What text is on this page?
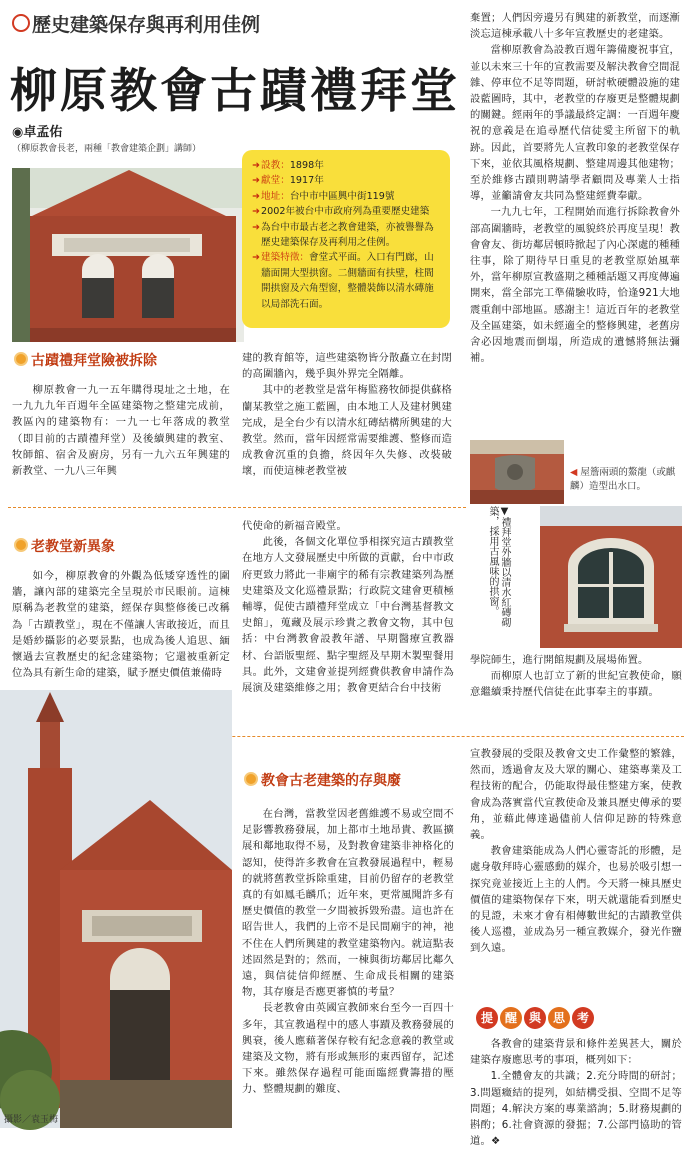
歷史建築保存與再利用佳例
柳原教會古蹟禮拜堂
◉卓孟佑
（柳原教會長老，兩種「教會建築企劃」講師）
➜ 設教：1898年
➜ 獻堂：1917年
➜ 地址：台中市中區興中街119號
➜ 2002年被台中市政府列為重要歷史建築
➜ 為台中市最古老之教會建築，亦被譽譽為歷史建築保存及再利用之佳例。
➜ 建築特徵：會堂式平面。入口有門廊，山牆面開大型拱窗。二側牆面有扶壁，柱間開拱窗及六角型窗，整體裝飾以清水磚施以局部洗石面。

棄置；人們因旁邊另有興建的新教堂，而逐漸淡忘這棟承載八十多年宣教歷史的老建築。

當柳原教會為設教百週年籌備慶祝事宜，並以未來三十年的宣教需要及解決教會空間混雜、停車位不足等問題，研討軟硬體設施的建設藍圖時，其中，老教堂的存廢更是整體規劃的關鍵。經兩年的爭議最終定調：一百週年慶祝的意義是在追尋歷代信徒愛主所留下的軌跡。因此，首要將先人宣教印象的老教堂保存下來，並依其風格規劃、整建周邊其他建物；至於維修古蹟則聘請學者顧問及專業人士指導，並籲請會友共同為整建經費奉獻。

一九九七年，工程開始而進行拆除教會外部高圍牆時，老教堂的風貌終於再度呈現！教會會友、街坊鄰居頓時掀起了內心深處的種種往事，除了期待早日重見的老教堂原始風華外，當年柳原宣教盛期之種種話題又再度傳遍開來，當全部完工準備驗收時，恰逢921大地震重創中部地區。感謝主！這近百年的老教堂及全區建築，如未經適全的整修興建，老舊房舍必因地震而倒塌，所造成的遺憾將無法彌補。

古蹟禮拜堂險被拆除

柳原教會一九一五年購得現址之土地，在一九九九年百週年全區建築物之整建完成前，教區內的建築物有：一九一七年落成的教堂（即目前的古蹟禮拜堂）及後續興建的教室、牧師館、宿舍及廚房，另有一九六五年興建的新教堂、一九八三年興

建的教育館等，這些建築物皆分散矗立在封閉的高圍牆內，幾乎與外界完全隔離。

其中的老教堂是當年梅監務牧師提供蘇格蘭某教堂之施工藍圖，由本地工人及建材興建完成，是全台少有以清水紅磚結構所興建的大教堂。然而，當年因經常需要維護、整修而造成教會沉重的負擔，終因年久失修、改裝破壞，而使這棟老教堂被	◀ 屋簷兩頭的鰲龍（或麒麟）造型出水口。
老教堂新異象

如今，柳原教會的外觀為低矮穿透性的圍牆，讓內部的建築完全呈現於市民眼前。這棟原稱為老教堂的建築，經保存與整修後已改稱為「古蹟教堂」，現在不僅讓人害敢接近，而且是婚紗攝影的必要景點，也成為後人追思、緬懷過去宣教歷史的紀念建築物；它還被重新定位為具有新生命的建築，賦予歷史價值兼備時

代使命的新福音殿堂。

此後，各個文化單位爭相探究這古蹟教堂在地方人文發展歷史中所做的貢獻，台中市政府更致力將此一非廟宇的稀有宗教建築列為歷史建築及文化巡禮景點；行政院文建會更積極輔導，促使古蹟禮拜堂成立「中台灣基督教文史館」，蒐藏及展示珍貴之教會文物，其中包括：中台灣教會設教年譜、早期醫療宣教器材、台語版聖經、點字聖經及早期木製聖餐用具。此外，文建會並提列經費供教會申請作為展演及建築維修之用；教會更結合台中技術

▼禮拜堂外牆以清水紅磚砌築，採用古風味的拱窗。

學院師生，進行開館規劃及展場佈置。

而柳原人也訂立了新的世紀宣教使命，願意繼續秉持歷代信徒在此事奉主的事蹟。

攝影／袁玉梅
教會古老建築的存與廢

在台灣，當教堂因老舊維護不易或空間不足影響教務發展，加上都市土地昂貴、教區擴展和鄰地取得不易，及對教會建築非神格化的認知，使得許多教會在宣教發展過程中，輕易的就將舊教堂拆除重建，目前仍留存的老教堂真的有如鳳毛麟爪；近年來，更常風聞許多有歷史價值的教堂一夕間被拆毀殆盡。這也許在昭告世人，我們的上帝不是民間廟宇的神，祂不住在人們所興建的教堂建築物內。就這點表述固然是對的；然而，一棟與街坊鄰居比鄰久遠，與信徒信仰經歷、生命成長相關的建築物，其存廢是否應更審慎的考量？

長老教會由英國宣教師來台至今一百四十多年，其宣教過程中的感人事蹟及教務發展的興衰，後人應藉著保存較有紀念意義的教堂或建築及文物，將有形或無形的東西留存，記述下來。雖然保存過程可能面臨經費籌措的壓力、整體規劃的難度、

宣教發展的受限及教會文史工作彙整的繁雜，然而，透過會友及大眾的關心、建築專業及工程技術的配合，仍能取得最佳整建方案，使教會成為落實當代宣教使命及兼具歷史傳承的要角，並藉此傳達過儘前人信仰足跡的特殊意義。

教會建築能成為人們心靈寄託的形體，是處身敬拜時心靈感動的媒介，也易於吸引想一探究竟並接近上主的人們。今天將一棟具歷史價值的建築物保存下來，明天就還能看到歷史的見證，未來才會有相傳數世紀的古蹟教堂供後人巡禮，並成為另一種宣教媒介，發光作鹽到久遠。

提 醒 與 思 考

各教會的建築背景和條件差異甚大，關於建築存廢應思考的事項，概列如下：

1.全體會友的共識；2.充分時間的研討；3.問題癥結的提列，如結構受損、空間不足等問題；4.解決方案的專業諮詢；5.財務規劃的斟酌；6.社會資源的發掘；7.公部門協助的管道。❖
